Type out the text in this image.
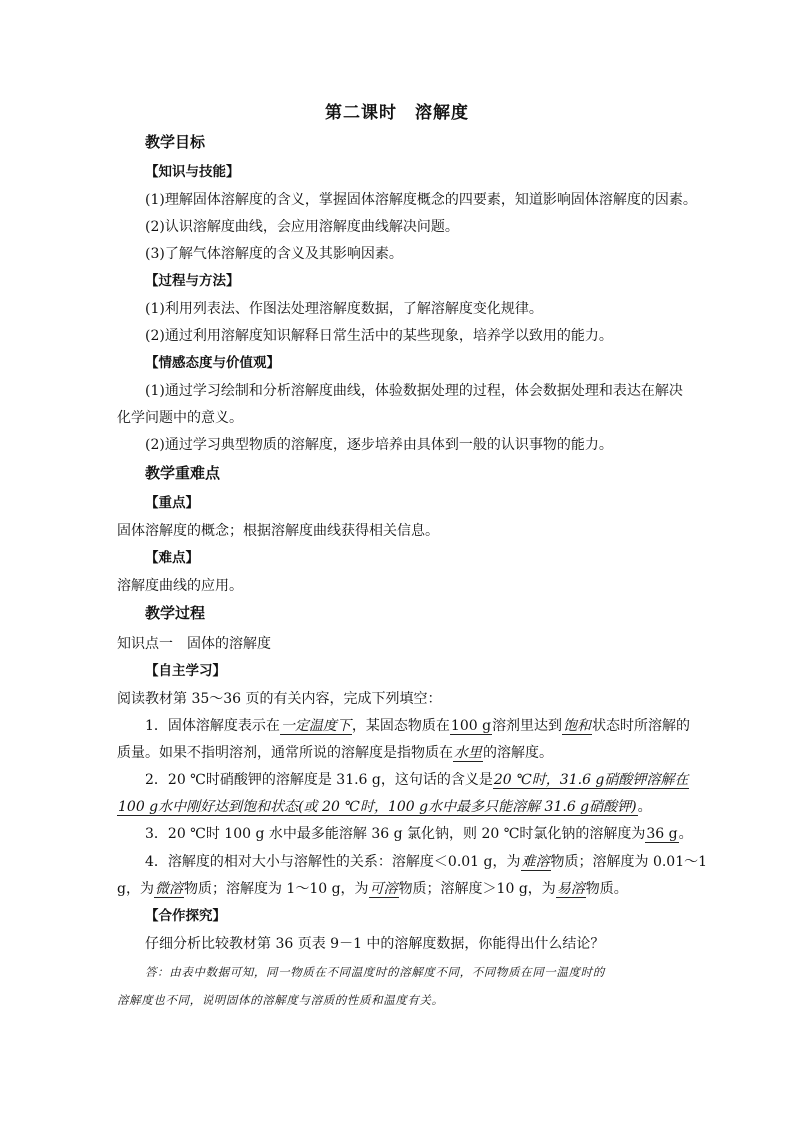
第二课时　溶解度
教学目标
【知识与技能】
(1)理解固体溶解度的含义，掌握固体溶解度概念的四要素，知道影响固体溶解度的因素。
(2)认识溶解度曲线，会应用溶解度曲线解决问题。
(3)了解气体溶解度的含义及其影响因素。
【过程与方法】
(1)利用列表法、作图法处理溶解度数据，了解溶解度变化规律。
(2)通过利用溶解度知识解释日常生活中的某些现象，培养学以致用的能力。
【情感态度与价值观】
(1)通过学习绘制和分析溶解度曲线，体验数据处理的过程，体会数据处理和表达在解决
化学问题中的意义。
(2)通过学习典型物质的溶解度，逐步培养由具体到一般的认识事物的能力。
教学重难点
【重点】
固体溶解度的概念；根据溶解度曲线获得相关信息。
【难点】
溶解度曲线的应用。
教学过程
知识点一　固体的溶解度
【自主学习】
阅读教材第 35～36 页的有关内容，完成下列填空：
1．固体溶解度表示在一定温度下，某固态物质在100 g溶剂里达到饱和状态时所溶解的
质量。如果不指明溶剂，通常所说的溶解度是指物质在水里的溶解度。
2．20 ℃时硝酸钾的溶解度是 31.6 g，这句话的含义是20 ℃时，31.6 g硝酸钾溶解在
100 g水中刚好达到饱和状态(或 20 ℃时，100 g水中最多只能溶解 31.6 g硝酸钾)。
3．20 ℃时 100 g 水中最多能溶解 36 g 氯化钠，则 20 ℃时氯化钠的溶解度为36 g。
4．溶解度的相对大小与溶解性的关系：溶解度＜0.01 g，为难溶物质；溶解度为 0.01～1
g，为微溶物质；溶解度为 1～10 g，为可溶物质；溶解度＞10 g，为易溶物质。
【合作探究】
仔细分析比较教材第 36 页表 9－1 中的溶解度数据，你能得出什么结论？
答：由表中数据可知，同一物质在不同温度时的溶解度不同，不同物质在同一温度时的
溶解度也不同，说明固体的溶解度与溶质的性质和温度有关。
